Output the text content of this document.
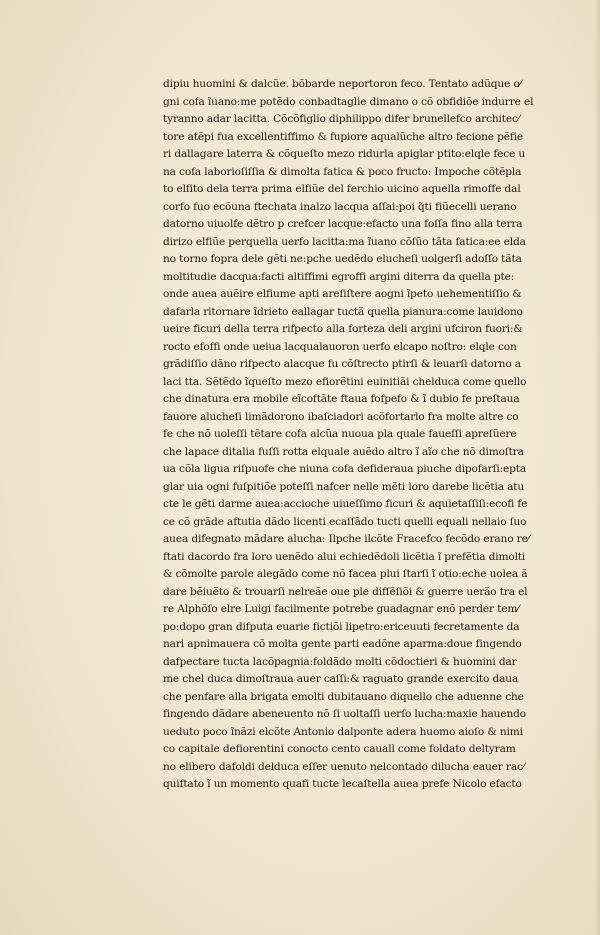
dipiu huomini & dalcũe. bõbarde neportoron feco. Tentato adũque o⁄
gni cofa ĩuano:me potẽdo conbadtaglie dimano o cõ obfidiõe indurre el
tyranno adar lacitta. Cõcõfiglio diphilippo difer brunellefco architec⁄
tore atẽpi fua excellentiffimo & fupiore aqualũche altro fecione pẽfie
ri dallagare laterra & cõqueſto mezo ridurla apiglar ptito:elqle fece u
na cofa laborioſiſſia & dimolta fatica & poco fructo: Impoche cõtẽpla
to elfito dela terra prima elfiũe del ferchio uicino aquella rimoffe dal
corfo fuo ecõuna ftechata inalzo lacqua aſſai:poi q̃ti fiũecelli uerano
datorno uiuolfe dẽtro p crefcer lacque:efacto una foſſa fino alla terra
dirizo elfiũe perquella uerfo lacitta:ma ĩuano cõſũo tãta fatica:ee elda
no torno fopra dele gẽti ne:pche uedẽdo elucheſi uolgerſi adoſſo tãta
moltitudie dacqua:facti altiffimi egroffi argini diterra da quella pte:
onde auea auẽire elfiume apti areſiſtere aogni ĩpeto uehementiſſio &
dafarla ritornare ĩdrieto eallagar tuctã quella pianura:come lauidono
ueire ficuri della terra rifpecto alla forteza deli argini ufciron fuori:&
rocto efoffi onde ueiua lacqualauoron uerfo elcapo noſtro: elqle con
grãdiſſio dãno rifpecto alacque fu cõſtrecto ptirſi & leuarſi datorno a
laci tta. Sẽtẽdo ĩqueſto mezo efiorẽtini euinitiãi chelduca come quello
che dinatura era mobile eĩcoftãte ftaua fofpefo & ĩ dubio fe preſtaua
fauore alucheſi limãdorono ibaſciadori acõfortarlo fra molte altre co
fe che nõ uoleſſi tẽtare cofa alcũa nuoua pla quale faueſſi apreſũere
che lapace ditalia fuſſi rotta elquale auẽdo altro ĩ aĩo che nõ dimoſtra
ua cõla ligua riſpuofe che niuna cofa defideraua piuche dipofarſi:epta
glar uia ogni fuſpitiõe poteſſi nafcer nelle mẽti loro darebe licẽtia atu
cte le gẽti darme auea:accioche uiueſſimo ficuri & aquietaſſiſi:ecofi fe
ce cõ grãde aftutia dãdo licenti ecaſſãdo tucti quelli equali nellaio ſuo
auea difegnato mãdare alucha: Ilpche ilcõte Fracefco fecõdo erano re⁄
ftati dacordo fra loro uenẽdo alui echiedẽdoli licẽtia ĩ prefẽtia dimolti
& cõmolte parole alegãdo come nõ facea plui ſtarſi ĩ otio:eche uolea ã
dare bẽiuẽto & trouarſi nelreãe oue ple difſẽſiõi & guerre uerão tra el
re Alphõſo elre Luigi facilmente potrebe guadagnar enõ perder tem⁄
po:dopo gran difputa euarie fictiõi lipetro:ericeuuti fecretamente da
nari apnimauera cõ molta gente parti eadõne aparma:doue fingendo
dafpectare tucta lacõpagnia:foldãdo molti cõdoctieri & huomini dar
me chel duca dimoſtraua auer caſſi:& raguato grande exercito daua
che penfare alla brigata emolti dubitauano diquello che aduenne che
fingendo dãdare abeneuento nõ ſi uoltaſſi uerſo lucha:maxie hauendo
ueduto poco ĩnãzi elcõte Antonio dalponte adera huomo aioſo & nimi
co capitale defiorentini conocto cento cauall come foldato deltyram
no elibero dafoldi delduca eſſer uenuto nelcontado dilucha eauer rac⁄
quiftato ĩ un momento quafi tucte lecaſtella auea prefe Nicolo efacto
